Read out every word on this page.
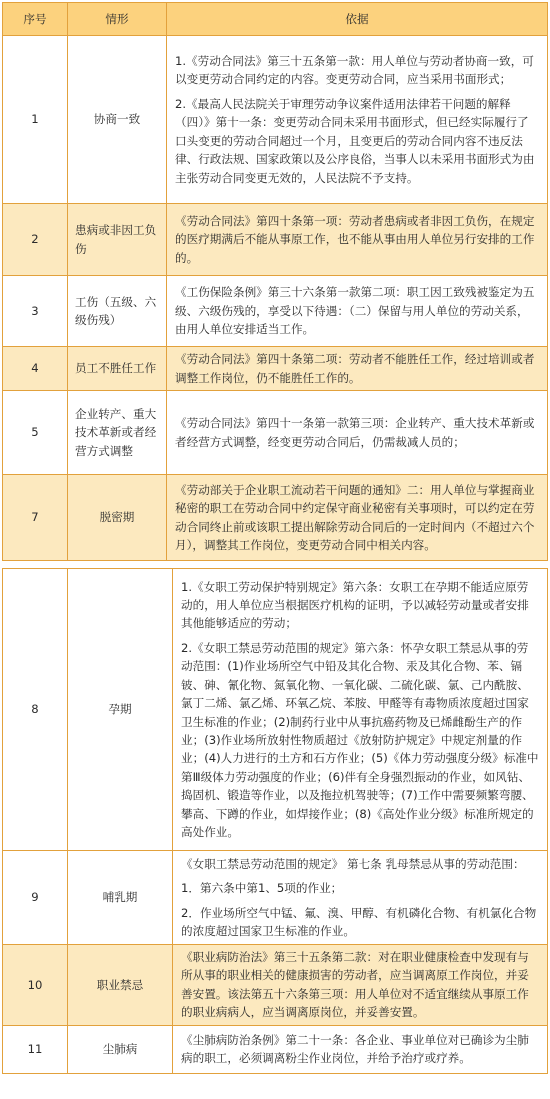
序号	情形	依据
1	协商一致	1.《劳动合同法》第三十五条第一款：用人单位与劳动者协商一致，可以变更劳动合同约定的内容。变更劳动合同，应当采用书面形式；

2.《最高人民法院关于审理劳动争议案件适用法律若干问题的解释（四）》第十一条：变更劳动合同未采用书面形式，但已经实际履行了口头变更的劳动合同超过一个月，且变更后的劳动合同内容不违反法律、行政法规、国家政策以及公序良俗，当事人以未采用书面形式为由主张劳动合同变更无效的，人民法院不予支持。

2	患病或非因工负伤	《劳动合同法》第四十条第一项：劳动者患病或者非因工负伤，在规定的医疗期满后不能从事原工作，也不能从事由用人单位另行安排的工作的。

3	工伤（五级、六级伤残）	《工伤保险条例》第三十六条第一款第二项：职工因工致残被鉴定为五级、六级伤残的，享受以下待遇：（二）保留与用人单位的劳动关系，由用人单位安排适当工作。

4	员工不胜任工作	《劳动合同法》第四十条第二项：劳动者不能胜任工作，经过培训或者调整工作岗位，仍不能胜任工作的。

5	企业转产、重大技术革新或者经营方式调整	《劳动合同法》第四十一条第一款第三项：企业转产、重大技术革新或者经营方式调整，经变更劳动合同后，仍需裁减人员的；

7	脱密期	《劳动部关于企业职工流动若干问题的通知》二：用人单位与掌握商业秘密的职工在劳动合同中约定保守商业秘密有关事项时，可以约定在劳动合同终止前或该职工提出解除劳动合同后的一定时间内（不超过六个月），调整其工作岗位，变更劳动合同中相关内容。

8	孕期	1.《女职工劳动保护特别规定》第六条：女职工在孕期不能适应原劳动的，用人单位应当根据医疗机构的证明，予以减轻劳动量或者安排其他能够适应的劳动；

2.《女职工禁忌劳动范围的规定》第六条：怀孕女职工禁忌从事的劳动范围：(1)作业场所空气中铅及其化合物、汞及其化合物、苯、镉铍、砷、氰化物、氮氧化物、一氧化碳、二硫化碳、氯、己内酰胺、氯丁二烯、氯乙烯、环氧乙烷、苯胺、甲醛等有毒物质浓度超过国家卫生标准的作业；(2)制药行业中从事抗癌药物及已烯雌酚生产的作业；(3)作业场所放射性物质超过《放射防护规定》中规定剂量的作业；(4)人力进行的土方和石方作业；(5)《体力劳动强度分级》标准中第Ⅲ级体力劳动强度的作业；(6)伴有全身强烈振动的作业，如风钻、捣固机、锻造等作业，以及拖拉机驾驶等；(7)工作中需要频繁弯腰、攀高、下蹲的作业，如焊接作业；(8)《高处作业分级》标准所规定的高处作业。

9	哺乳期	《女职工禁忌劳动范围的规定》 第七条 乳母禁忌从事的劳动范围：

1．第六条中第1、5项的作业；

2．作业场所空气中锰、氟、溴、甲醇、有机磷化合物、有机氯化合物的浓度超过国家卫生标准的作业。

10	职业禁忌	《职业病防治法》第三十五条第二款：对在职业健康检查中发现有与所从事的职业相关的健康损害的劳动者，应当调离原工作岗位，并妥善安置。该法第五十六条第三项：用人单位对不适宜继续从事原工作的职业病病人，应当调离原岗位，并妥善安置。

11	尘肺病	《尘肺病防治条例》第二十一条：各企业、事业单位对已确诊为尘肺病的职工，必须调离粉尘作业岗位，并给予治疗或疗养。
